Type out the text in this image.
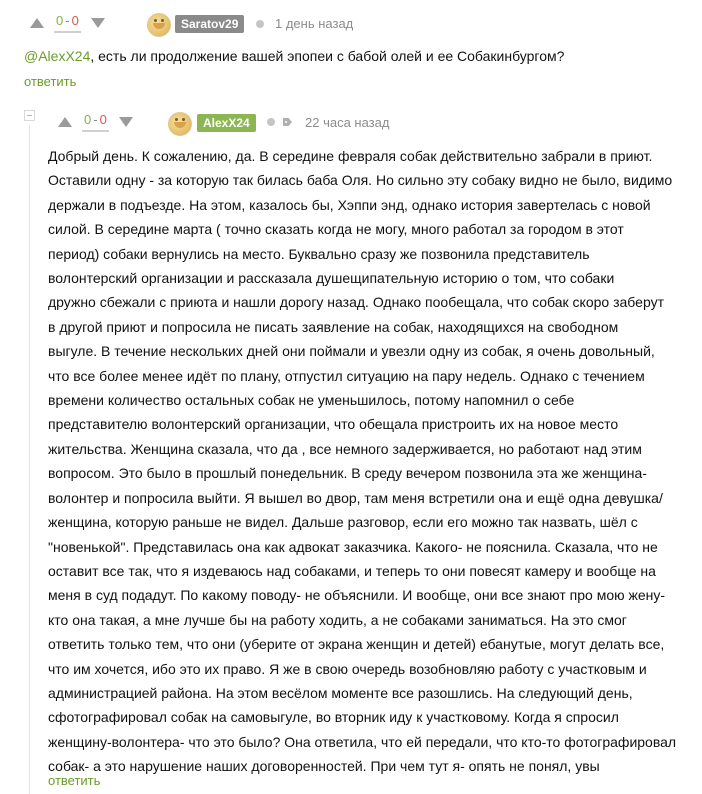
0 - 0	Saratov29	1 день назад

@AlexX24, есть ли продолжение вашей эпопеи с бабой олей и ее Собакинбургом?

ответить
0 - 0	AlexX24	22 часа назад
Добрый день. К сожалению, да. В середине февраля собак действительно забрали в приют.
Оставили одну - за которую так билась баба Оля. Но сильно эту собаку видно не было, видимо
держали в подъезде. На этом, казалось бы, Хэппи энд, однако история завертелась с новой
силой. В середине марта ( точно сказать когда не могу, много работал за городом в этот
период) собаки вернулись на место. Буквально сразу же позвонила представитель
волонтерский организации и рассказала душещипательную историю о том, что собаки
дружно сбежали с приюта и нашли дорогу назад. Однако пообещала, что собак скоро заберут
в другой приют и попросила не писать заявление на собак, находящихся на свободном
выгуле. В течение нескольких дней они поймали и увезли одну из собак, я очень довольный,
что все более менее идёт по плану, отпустил ситуацию на пару недель. Однако с течением
времени количество остальных собак не уменьшилось, потому напомнил о себе
представителю волонтерский организации, что обещала пристроить их на новое место
жительства. Женщина сказала, что да , все немного задерживается, но работают над этим
вопросом. Это было в прошлый понедельник. В среду вечером позвонила эта же женщина-
волонтер и попросила выйти. Я вышел во двор, там меня встретили она и ещё одна девушка/
женщина, которую раньше не видел. Дальше разговор, если его можно так назвать, шёл с
"новенькой". Представилась она как адвокат заказчика. Какого- не пояснила. Сказала, что не
оставит все так, что я издеваюсь над собаками, и теперь то они повесят камеру и вообще на
меня в суд подадут. По какому поводу- не объяснили. И вообще, они все знают про мою жену-
кто она такая, а мне лучше бы на работу ходить, а не собаками заниматься. На это смог
ответить только тем, что они (уберите от экрана женщин и детей) ебанутые, могут делать все,
что им хочется, ибо это их право. Я же в свою очередь возобновляю работу с участковым и
администрацией района. На этом весёлом моменте все разошлись. На следующий день,
сфотографировал собак на самовыгуле, во вторник иду к участковому. Когда я спросил
женщину-волонтера- что это было? Она ответила, что ей передали, что кто-то фотографировал
собак- а это нарушение наших договоренностей. При чем тут я- опять не понял, увы
ответить
